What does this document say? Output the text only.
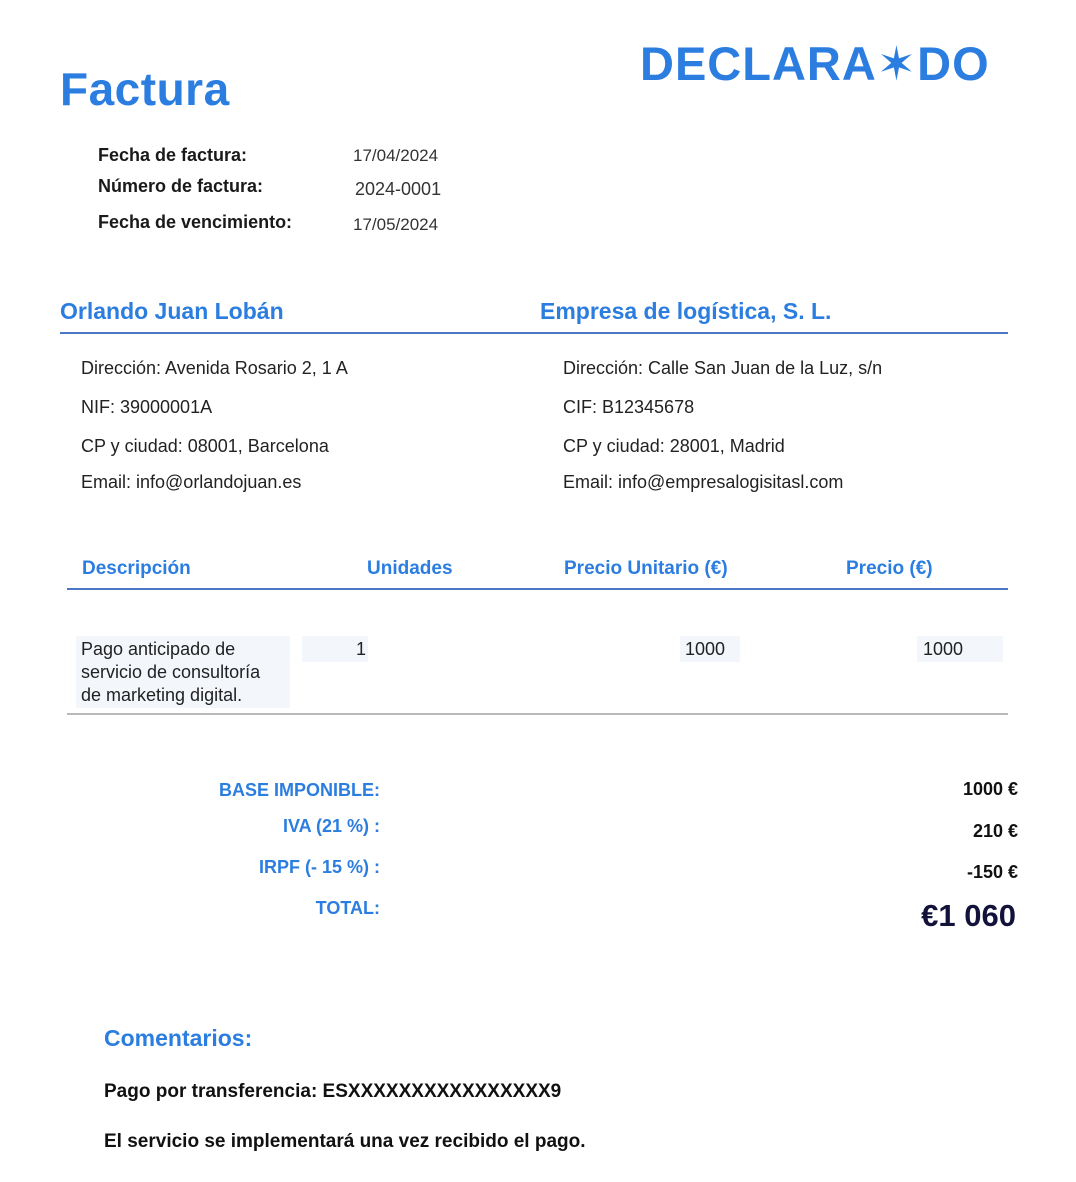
Factura	DECLARA✶DO
Fecha de factura:	17/04/2024
Número de factura:	2024-0001
Fecha de vencimiento:	17/05/2024
Orlando Juan Lobán	Empresa de logística, S. L.
Dirección: Avenida Rosario 2, 1 A
NIF: 39000001A
CP y ciudad: 08001, Barcelona
Email: info@orlandojuan.es
Dirección: Calle San Juan de la Luz, s/n
CIF: B12345678
CP y ciudad: 28001, Madrid
Email: info@empresalogisitasl.com
Descripción	Unidades	Precio Unitario (€)	Precio (€)
Pago anticipado de
servicio de consultoría
de marketing digital.
1	1000	1000
BASE IMPONIBLE:	1000 €
IVA (21 %) :	210 €
IRPF (- 15 %) :	-150 €
TOTAL:	€1 060
Comentarios:
Pago por transferencia: ESXXXXXXXXXXXXXXXX9
El servicio se implementará una vez recibido el pago.
